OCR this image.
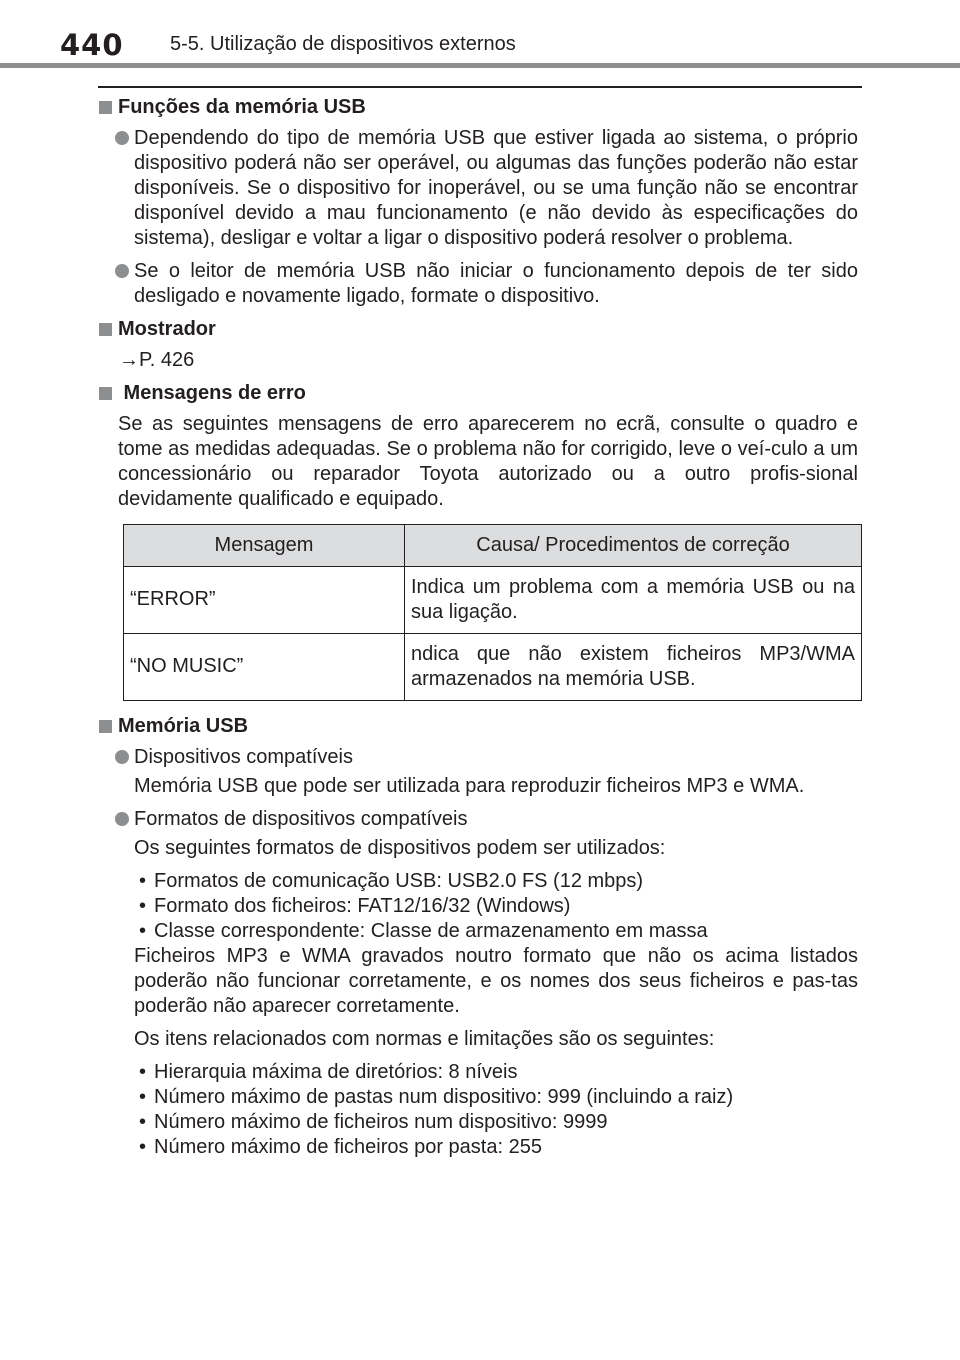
440 5-5. Utilização de dispositivos externos
Funções da memória USB
Dependendo do tipo de memória USB que estiver ligada ao sistema, o próprio dispositivo poderá não ser operável, ou algumas das funções poderão não estar disponíveis. Se o dispositivo for inoperável, ou se uma função não se encontrar disponível devido a mau funcionamento (e não devido às especificações do sistema), desligar e voltar a ligar o dispositivo poderá resolver o problema.
Se o leitor de memória USB não iniciar o funcionamento depois de ter sido desligado e novamente ligado, formate o dispositivo.
Mostrador
→P. 426
Mensagens de erro
Se as seguintes mensagens de erro aparecerem no ecrã, consulte o quadro e tome as medidas adequadas. Se o problema não for corrigido, leve o veí-culo a um concessionário ou reparador Toyota autorizado ou a outro profis-sional devidamente qualificado e equipado.
Mensagem	Causa/ Procedimentos de correção
“ERROR”	Indica um problema com a memória USB ou na sua ligação.
“NO MUSIC”	ndica que não existem ficheiros MP3/WMA armazenados na memória USB.
Memória USB
Dispositivos compatíveis
Memória USB que pode ser utilizada para reproduzir ficheiros MP3 e WMA.
Formatos de dispositivos compatíveis
Os seguintes formatos de dispositivos podem ser utilizados:
• Formatos de comunicação USB: USB2.0 FS (12 mbps)
• Formato dos ficheiros: FAT12/16/32 (Windows)
• Classe correspondente: Classe de armazenamento em massa
Ficheiros MP3 e WMA gravados noutro formato que não os acima listados poderão não funcionar corretamente, e os nomes dos seus ficheiros e pas-tas poderão não aparecer corretamente.
Os itens relacionados com normas e limitações são os seguintes:
• Hierarquia máxima de diretórios: 8 níveis
• Número máximo de pastas num dispositivo: 999 (incluindo a raiz)
• Número máximo de ficheiros num dispositivo: 9999
• Número máximo de ficheiros por pasta: 255
